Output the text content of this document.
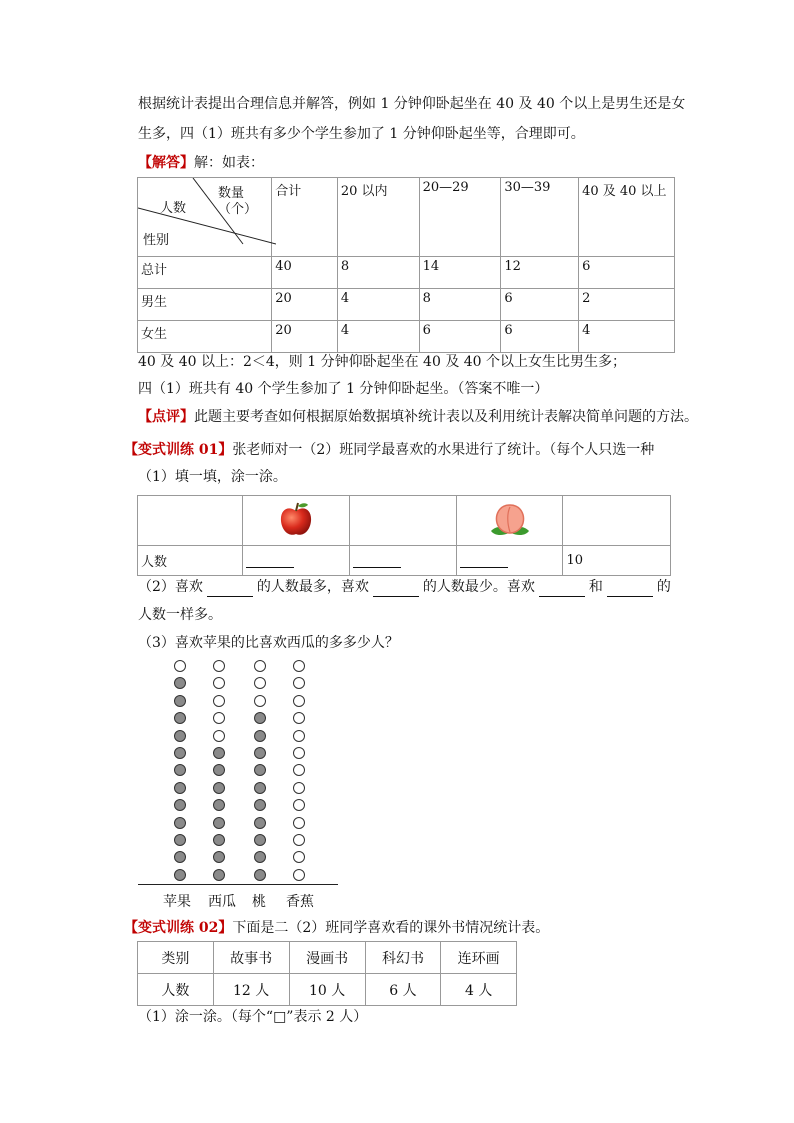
根据统计表提出合理信息并解答，例如 1 分钟仰卧起坐在 40 及 40 个以上是男生还是女
生多，四（1）班共有多少个学生参加了 1 分钟仰卧起坐等，合理即可。
【解答】解：如表：
数量
（个）
人数
性别	合计	20 以内	20—29	30—39	40 及 40 以上
总计	40	8	14	12	6
男生	20	4	8	6	2
女生	20	4	6	6	4
40 及 40 以上：2＜4，则 1 分钟仰卧起坐在 40 及 40 个以上女生比男生多；
四（1）班共有 40 个学生参加了 1 分钟仰卧起坐。（答案不唯一）
【点评】此题主要考查如何根据原始数据填补统计表以及利用统计表解决简单问题的方法。
【变式训练 01】张老师对一（2）班同学最喜欢的水果进行了统计。（每个人只选一种
（1）填一填，涂一涂。

人数				10
（2）喜欢	的人数最多，喜欢	的人数最少。喜欢	和	的
人数一样多。
（3）喜欢苹果的比喜欢西瓜的多多少人？
苹果 西瓜 桃 香蕉
【变式训练 02】下面是二（2）班同学喜欢看的课外书情况统计表。
类别	故事书	漫画书	科幻书	连环画
人数	12 人	10 人	6 人	4 人
（1）涂一涂。（每个“□”表示 2 人）
